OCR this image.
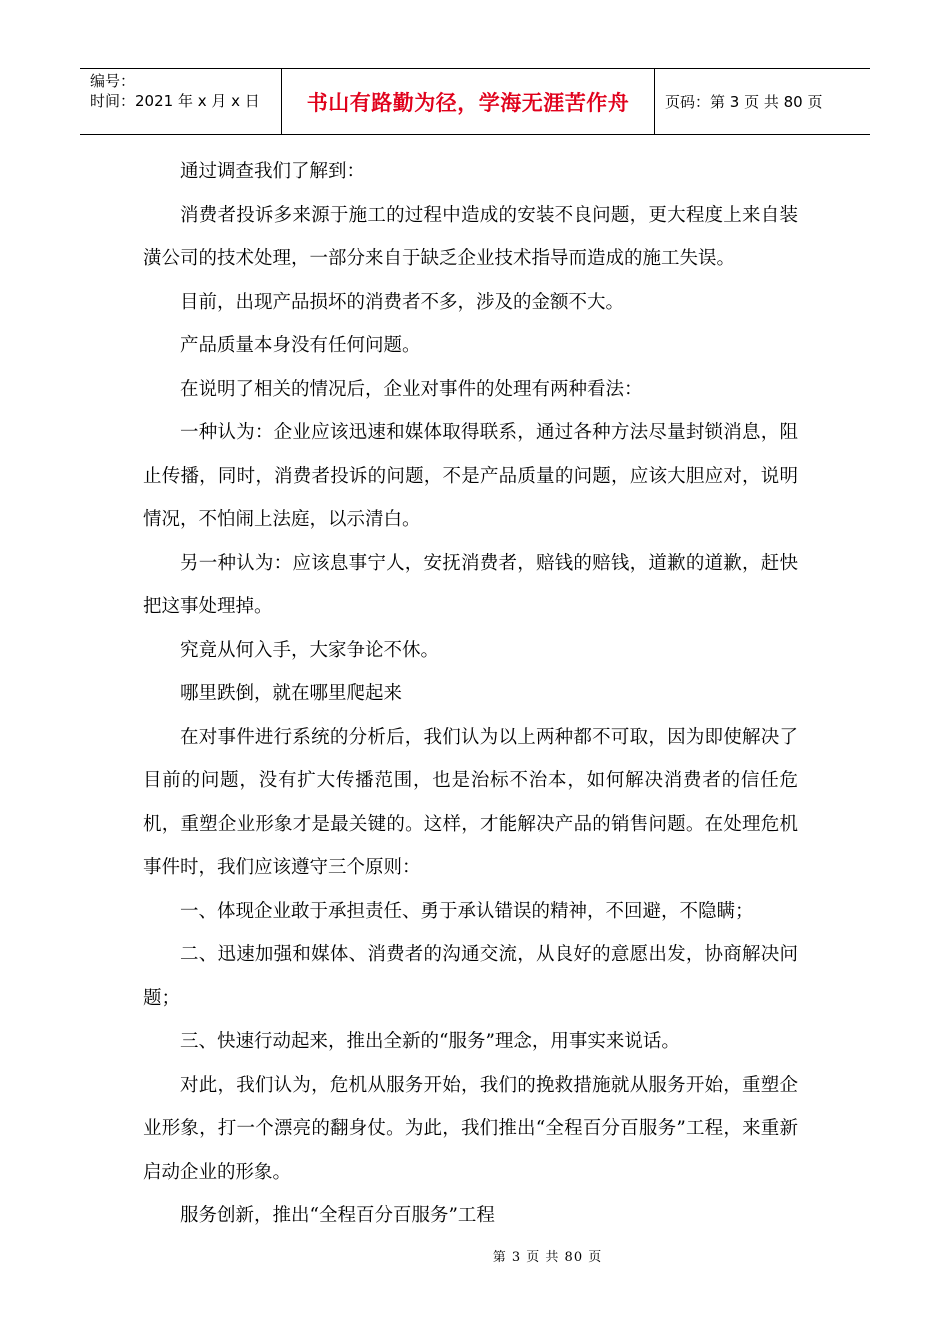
编号：
时间：2021 年 x 月 x 日	书山有路勤为径，学海无涯苦作舟	页码：第 3 页 共 80 页

通过调查我们了解到：

消费者投诉多来源于施工的过程中造成的安装不良问题，更大程度上来自装潢公司的技术处理，一部分来自于缺乏企业技术指导而造成的施工失误。

目前，出现产品损坏的消费者不多，涉及的金额不大。

产品质量本身没有任何问题。

在说明了相关的情况后，企业对事件的处理有两种看法：

一种认为：企业应该迅速和媒体取得联系，通过各种方法尽量封锁消息，阻止传播，同时，消费者投诉的问题，不是产品质量的问题，应该大胆应对，说明情况，不怕闹上法庭，以示清白。

另一种认为：应该息事宁人，安抚消费者，赔钱的赔钱，道歉的道歉，赶快把这事处理掉。

究竟从何入手，大家争论不休。

哪里跌倒，就在哪里爬起来

在对事件进行系统的分析后，我们认为以上两种都不可取，因为即使解决了目前的问题，没有扩大传播范围，也是治标不治本，如何解决消费者的信任危机，重塑企业形象才是最关键的。这样，才能解决产品的销售问题。在处理危机事件时，我们应该遵守三个原则：

一、体现企业敢于承担责任、勇于承认错误的精神，不回避，不隐瞒；

二、迅速加强和媒体、消费者的沟通交流，从良好的意愿出发，协商解决问题；

三、快速行动起来，推出全新的“服务”理念，用事实来说话。

对此，我们认为，危机从服务开始，我们的挽救措施就从服务开始，重塑企业形象，打一个漂亮的翻身仗。为此，我们推出“全程百分百服务”工程，来重新启动企业的形象。

服务创新，推出“全程百分百服务”工程

第 3 页 共 80 页
